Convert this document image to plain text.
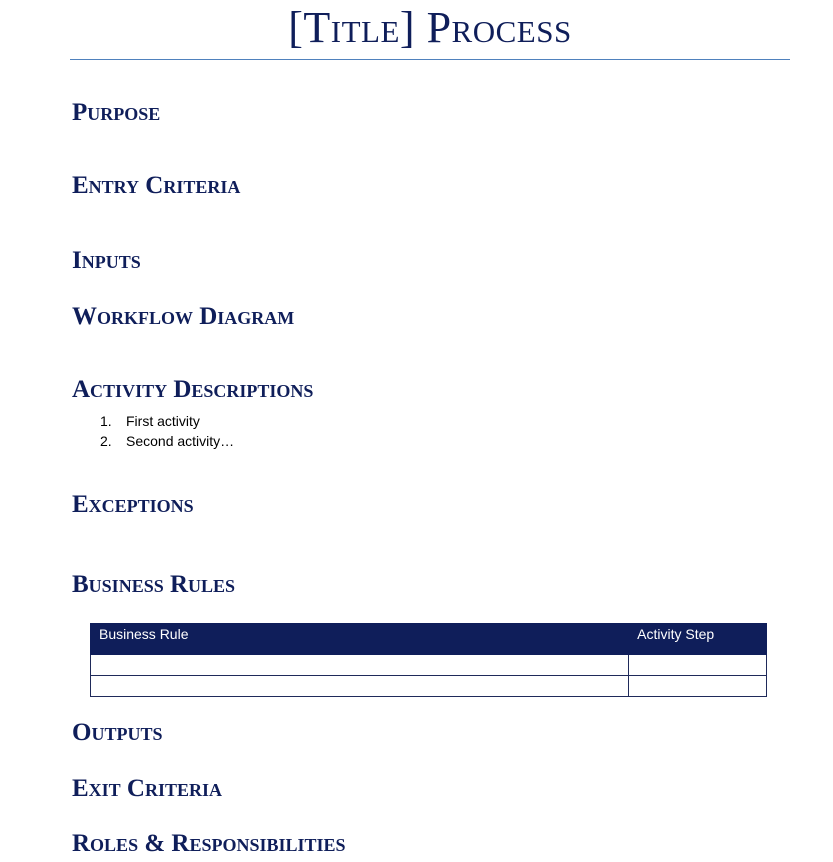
[Title] Process
Purpose
Entry Criteria
Inputs
Workflow Diagram
Activity Descriptions
1.	First activity
2.	Second activity…
Exceptions
Business Rules
Business Rule	Activity Step

Outputs
Exit Criteria
Roles & Responsibilities
